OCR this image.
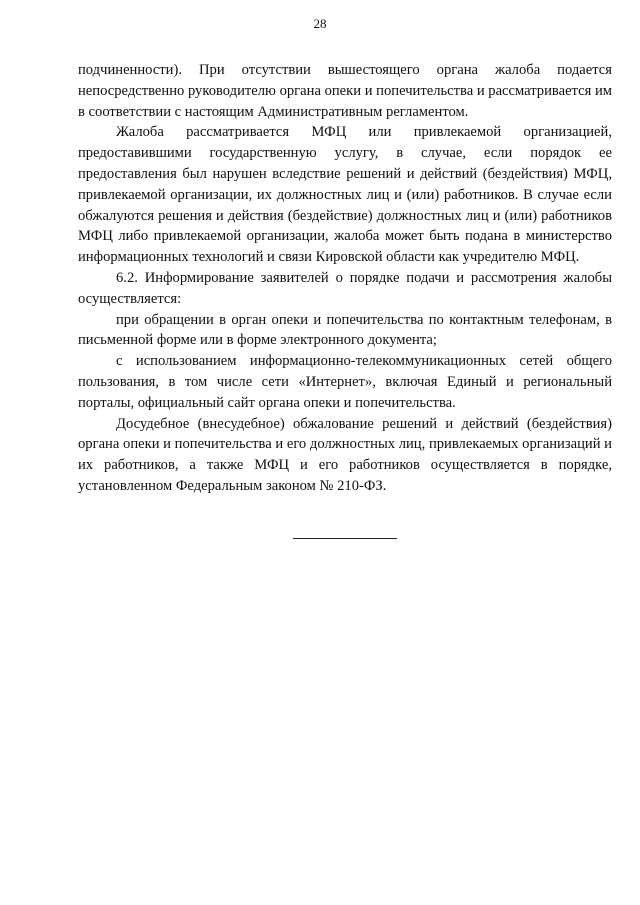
28

подчиненности). При отсутствии вышестоящего органа жалоба подается непосредственно руководителю органа опеки и попечительства и рассматривается им в соответствии с настоящим Административным регламентом.

Жалоба рассматривается МФЦ или привлекаемой организацией, предоставившими государственную услугу, в случае, если порядок ее предоставления был нарушен вследствие решений и действий (бездействия) МФЦ, привлекаемой организации, их должностных лиц и (или) работников. В случае если обжалуются решения и действия (бездействие) должностных лиц и (или) работников МФЦ либо привлекаемой организации, жалоба может быть подана в министерство информационных технологий и связи Кировской области как учредителю МФЦ.

6.2. Информирование заявителей о порядке подачи и рассмотрения жалобы осуществляется:

при обращении в орган опеки и попечительства по контактным телефонам, в письменной форме или в форме электронного документа;

с использованием информационно-телекоммуникационных сетей общего пользования, в том числе сети «Интернет», включая Единый и региональный порталы, официальный сайт органа опеки и попечительства.

Досудебное (внесудебное) обжалование решений и действий (бездействия) органа опеки и попечительства и его должностных лиц, привлекаемых организаций и их работников, а также МФЦ и его работников осуществляется в порядке, установленном Федеральным законом № 210-ФЗ.
